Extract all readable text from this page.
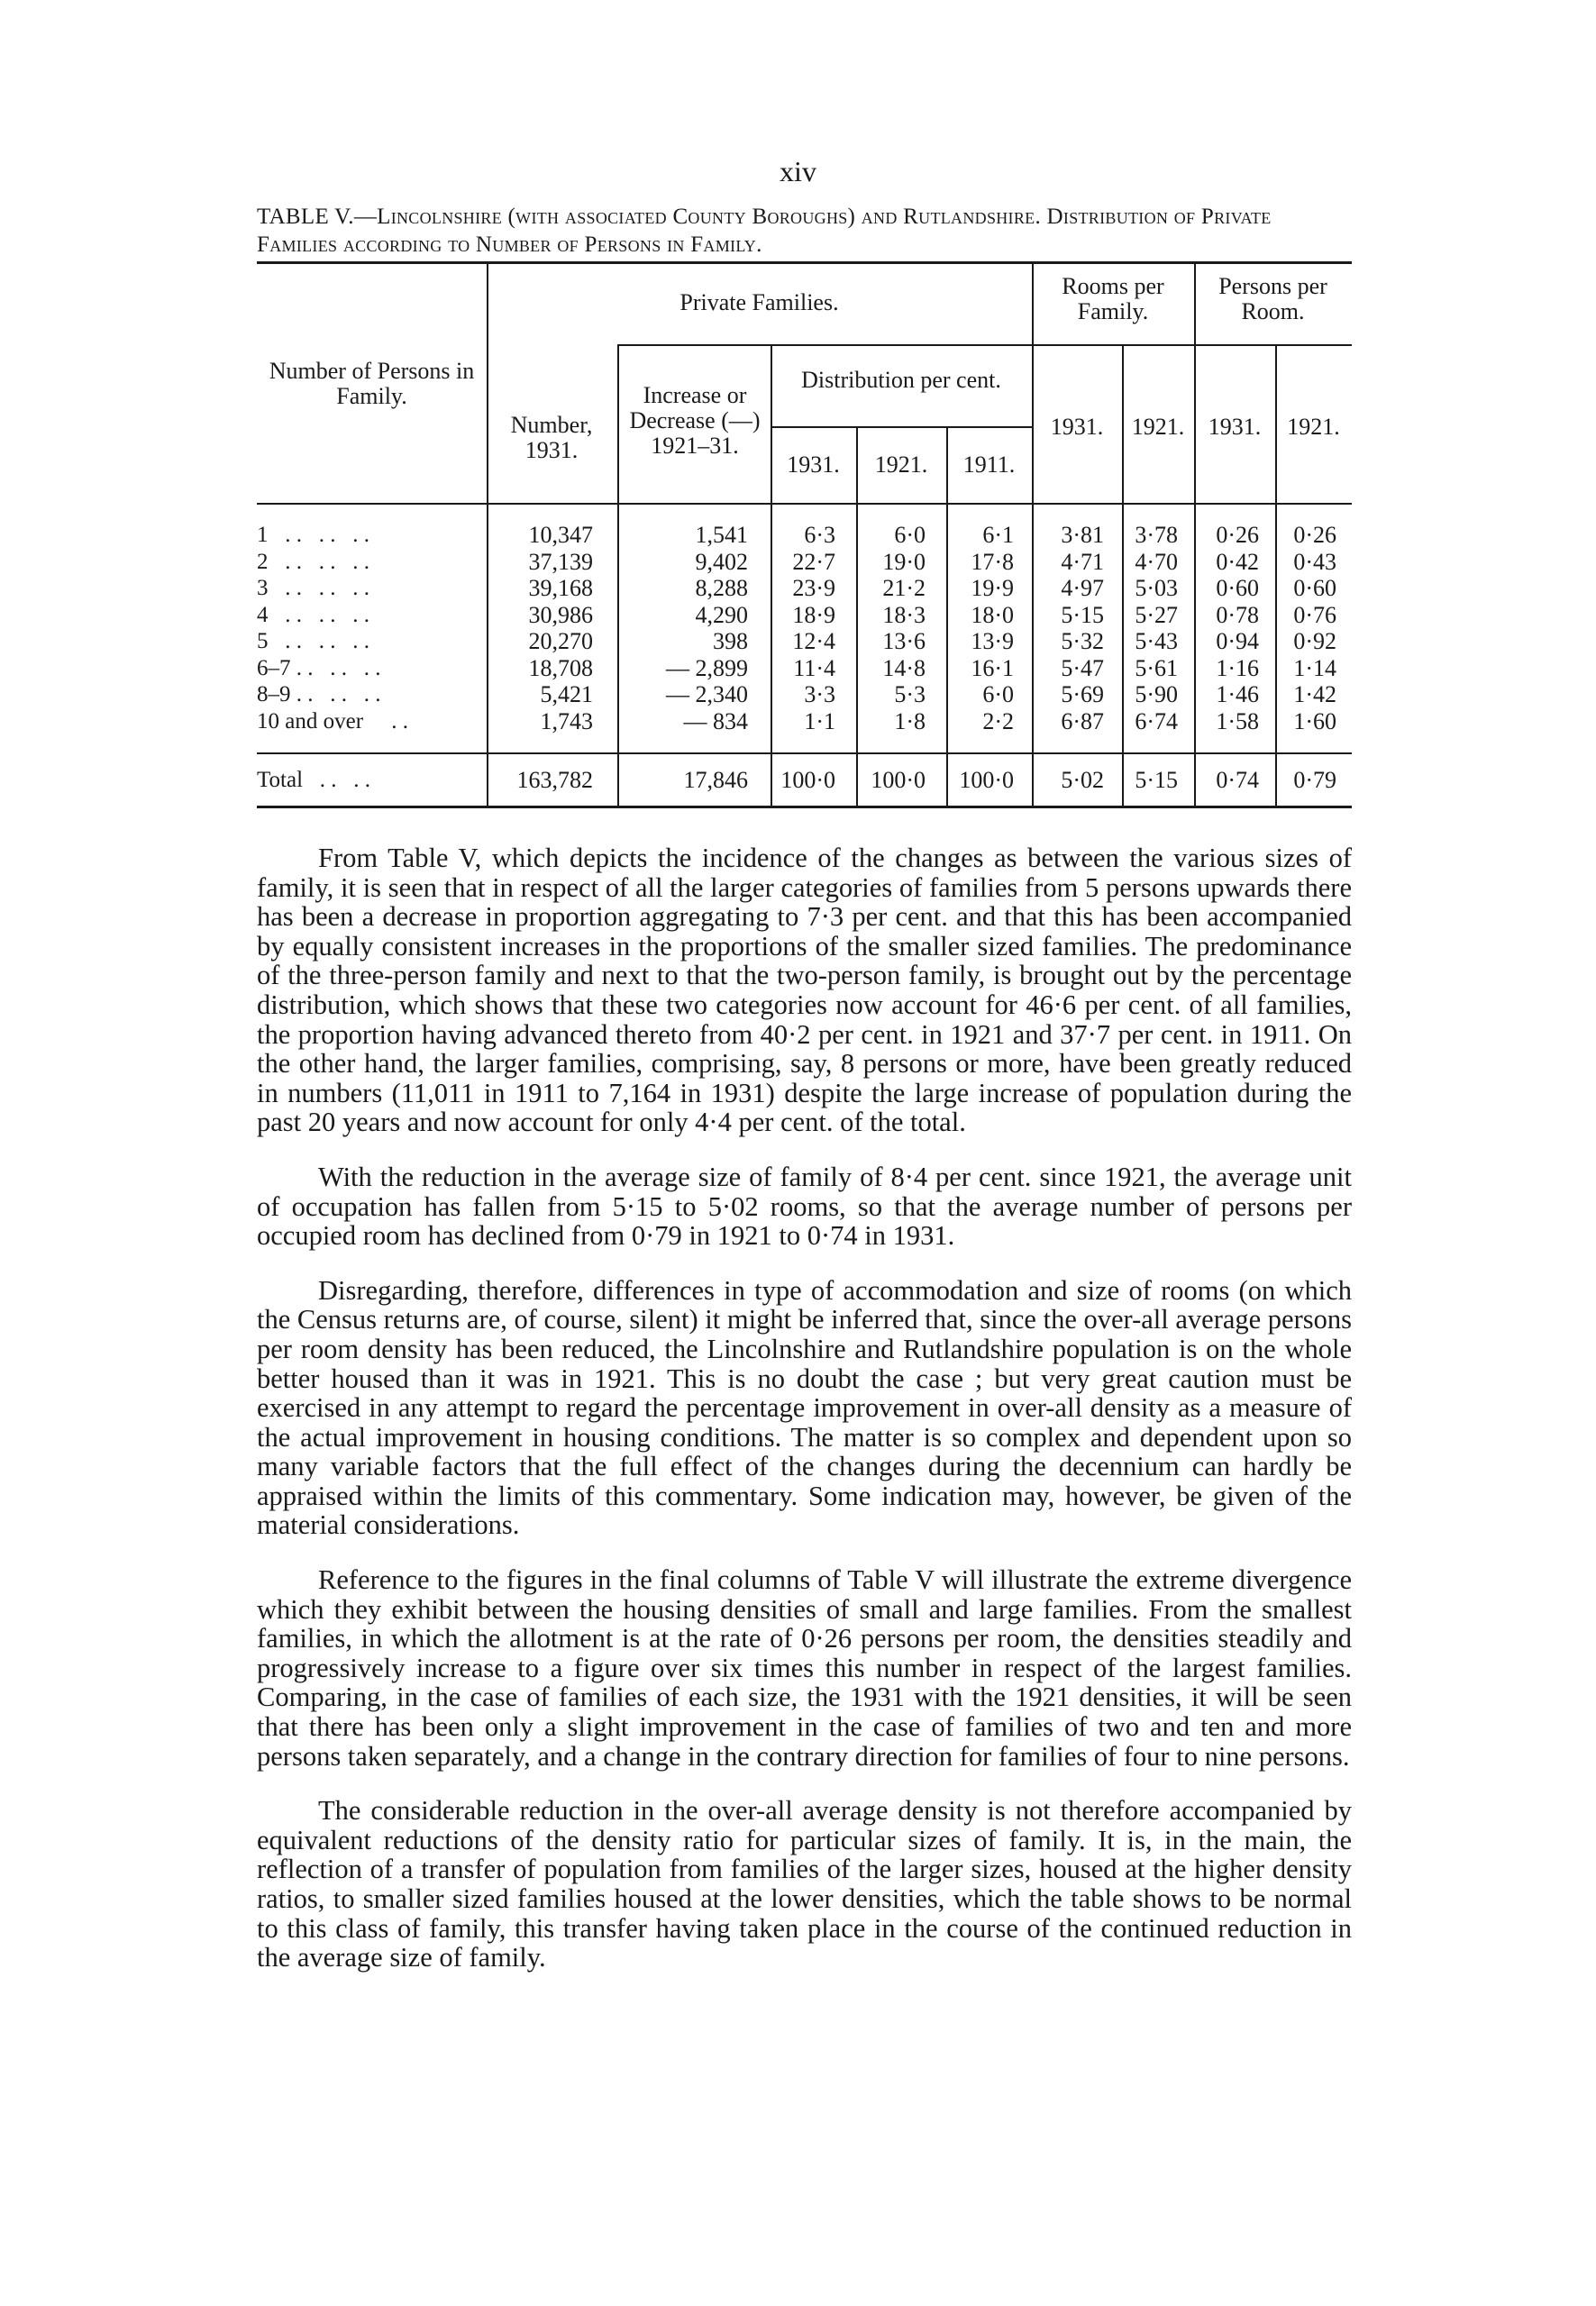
xiv
TABLE V.—Lincolnshire (with associated County Boroughs) and Rutlandshire. Distribution of Private Families according to Number of Persons in Family.
Number of Persons in Family.
Private Families.
Rooms per Family.
Persons per Room.
Number, 1931.
Increase or Decrease (—) 1921–31.
Distribution per cent.
1931.	1921.	1911.
1931.	1921.	1931.	1921.
1   . .   . .   . .	10,347	1,541	6·3	6·0	6·1	3·81	3·78	0·26	0·26
2   . .   . .   . .	37,139	9,402	22·7	19·0	17·8	4·71	4·70	0·42	0·43
3   . .   . .   . .	39,168	8,288	23·9	21·2	19·9	4·97	5·03	0·60	0·60
4   . .   . .   . .	30,986	4,290	18·9	18·3	18·0	5·15	5·27	0·78	0·76
5   . .   . .   . .	20,270	398	12·4	13·6	13·9	5·32	5·43	0·94	0·92
6–7 . .   . .   . .	18,708	— 2,899	11·4	14·8	16·1	5·47	5·61	1·16	1·14
8–9 . .   . .   . .	5,421	— 2,340	3·3	5·3	6·0	5·69	5·90	1·46	1·42
10 and over     . .	1,743	— 834	1·1	1·8	2·2	6·87	6·74	1·58	1·60
Total   . .   . .	163,782	17,846	100·0	100·0	100·0	5·02	5·15	0·74	0·79

From Table V, which depicts the incidence of the changes as between the various sizes of family, it is seen that in respect of all the larger categories of families from 5 persons upwards there has been a decrease in proportion aggregating to 7·3 per cent. and that this has been accompanied by equally consistent increases in the proportions of the smaller sized families. The predominance of the three-person family and next to that the two-person family, is brought out by the percentage distribution, which shows that these two categories now account for 46·6 per cent. of all families, the proportion having advanced thereto from 40·2 per cent. in 1921 and 37·7 per cent. in 1911. On the other hand, the larger families, comprising, say, 8 persons or more, have been greatly reduced in numbers (11,011 in 1911 to 7,164 in 1931) despite the large increase of population during the past 20 years and now account for only 4·4 per cent. of the total.

With the reduction in the average size of family of 8·4 per cent. since 1921, the average unit of occupation has fallen from 5·15 to 5·02 rooms, so that the average number of persons per occupied room has declined from 0·79 in 1921 to 0·74 in 1931.

Disregarding, therefore, differences in type of accommodation and size of rooms (on which the Census returns are, of course, silent) it might be inferred that, since the over-all average persons per room density has been reduced, the Lincolnshire and Rutlandshire population is on the whole better housed than it was in 1921. This is no doubt the case ; but very great caution must be exercised in any attempt to regard the percentage improvement in over-all density as a measure of the actual improvement in housing conditions. The matter is so complex and dependent upon so many variable factors that the full effect of the changes during the decennium can hardly be appraised within the limits of this commentary. Some indication may, however, be given of the material considerations.

Reference to the figures in the final columns of Table V will illustrate the extreme divergence which they exhibit between the housing densities of small and large families. From the smallest families, in which the allotment is at the rate of 0·26 persons per room, the densities steadily and progressively increase to a figure over six times this number in respect of the largest families. Comparing, in the case of families of each size, the 1931 with the 1921 densities, it will be seen that there has been only a slight improvement in the case of families of two and ten and more persons taken separately, and a change in the contrary direction for families of four to nine persons.

The considerable reduction in the over-all average density is not therefore accompanied by equivalent reductions of the density ratio for particular sizes of family. It is, in the main, the reflection of a transfer of population from families of the larger sizes, housed at the higher density ratios, to smaller sized families housed at the lower densities, which the table shows to be normal to this class of family, this transfer having taken place in the course of the continued reduction in the average size of family.
